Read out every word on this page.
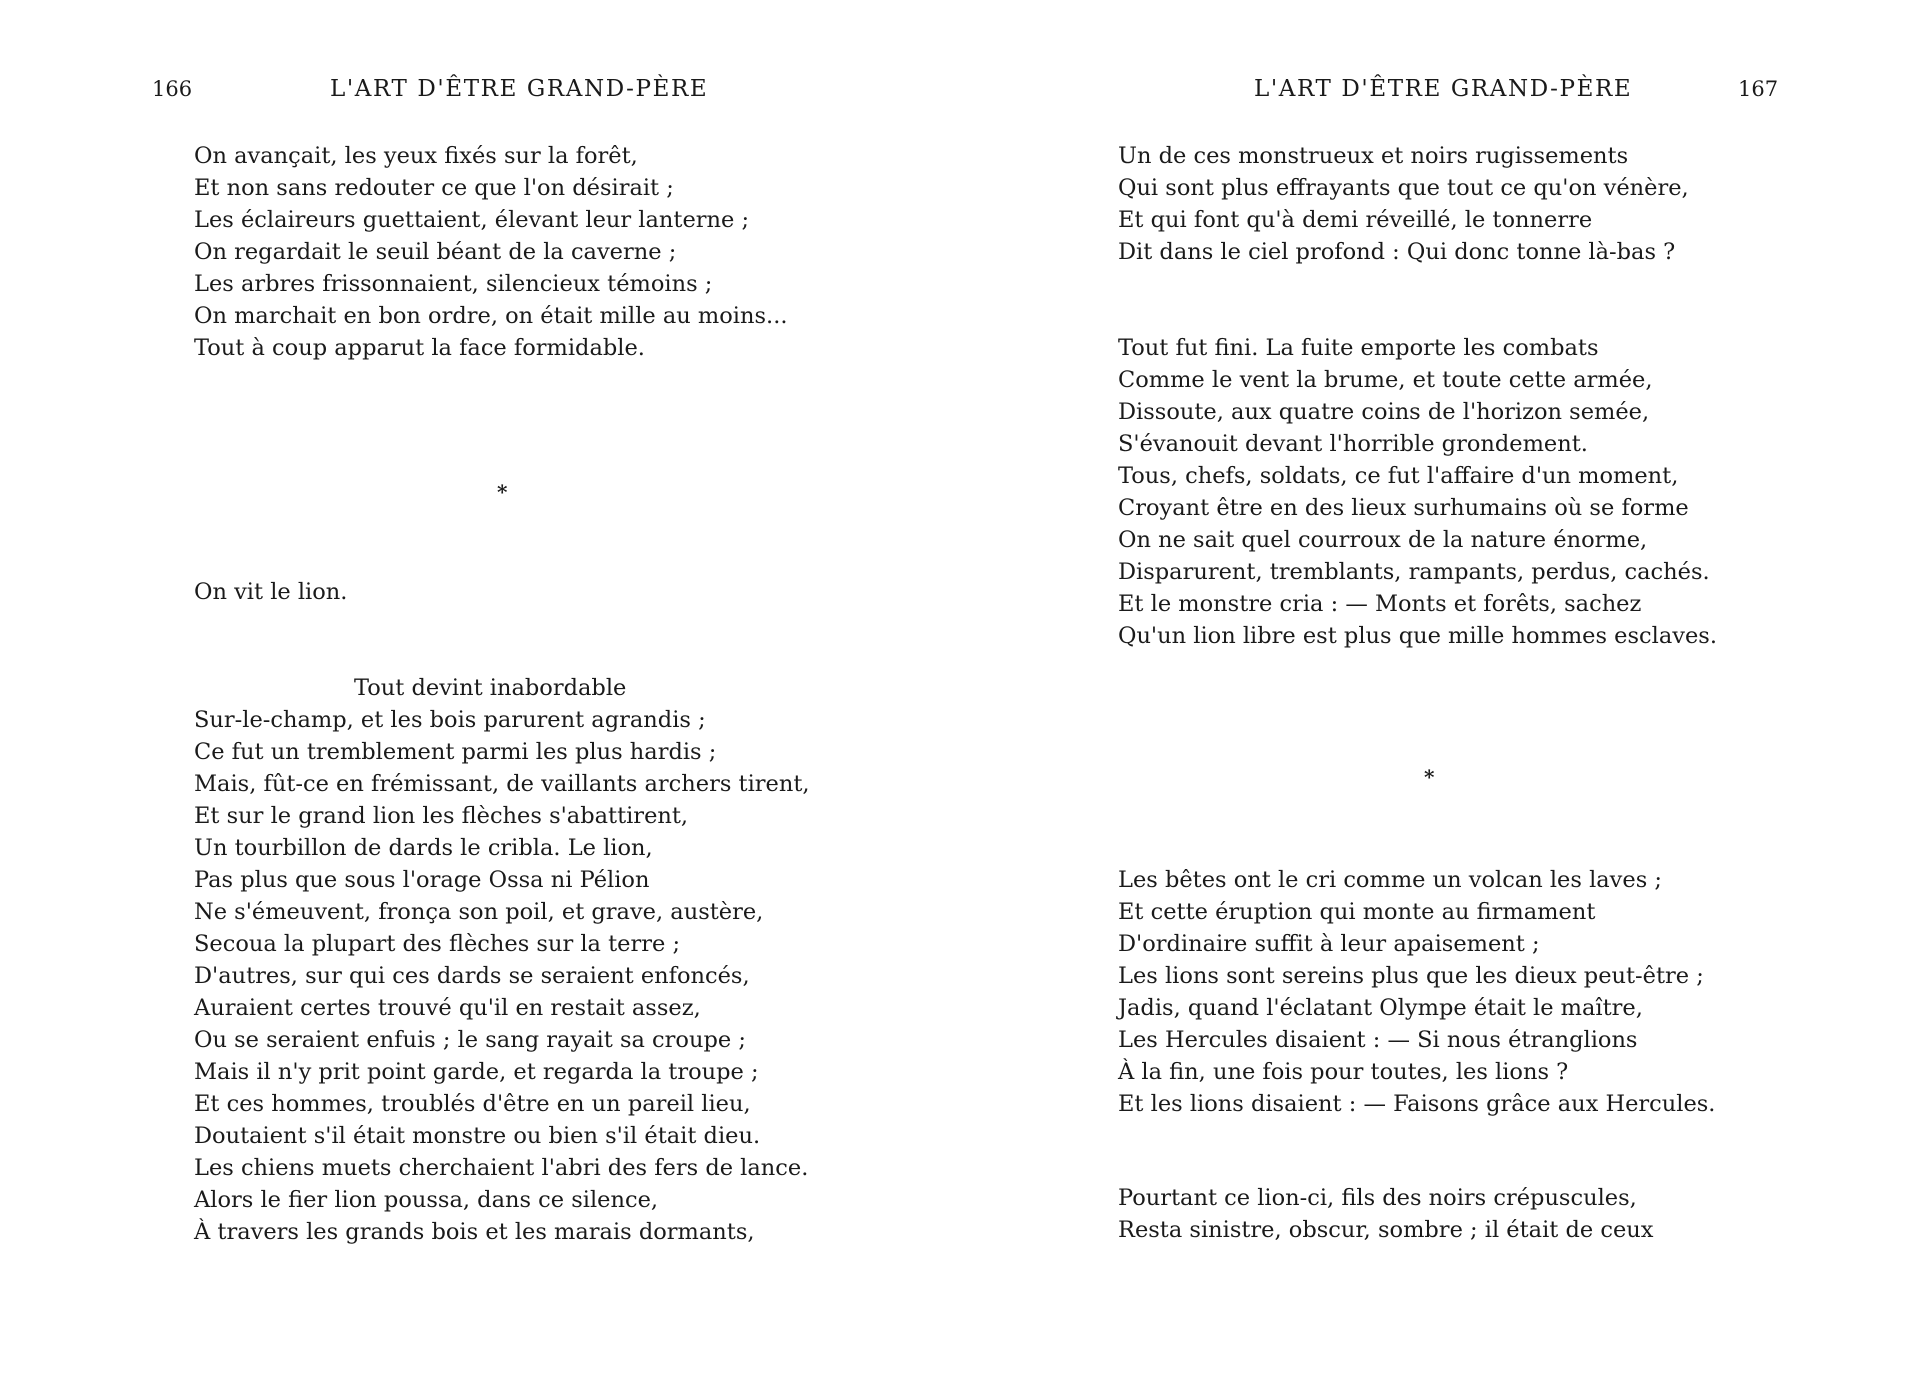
166	L'ART D'ÊTRE GRAND-PÈRE
On avançait, les yeux fixés sur la forêt,
Et non sans redouter ce que l'on désirait ;
Les éclaireurs guettaient, élevant leur lanterne ;
On regardait le seuil béant de la caverne ;
Les arbres frissonnaient, silencieux témoins ;
On marchait en bon ordre, on était mille au moins...
Tout à coup apparut la face formidable.
*
On vit le lion.
Tout devint inabordable
Sur-le-champ, et les bois parurent agrandis ;
Ce fut un tremblement parmi les plus hardis ;
Mais, fût-ce en frémissant, de vaillants archers tirent,
Et sur le grand lion les flèches s'abattirent,
Un tourbillon de dards le cribla. Le lion,
Pas plus que sous l'orage Ossa ni Pélion
Ne s'émeuvent, fronça son poil, et grave, austère,
Secoua la plupart des flèches sur la terre ;
D'autres, sur qui ces dards se seraient enfoncés,
Auraient certes trouvé qu'il en restait assez,
Ou se seraient enfuis ; le sang rayait sa croupe ;
Mais il n'y prit point garde, et regarda la troupe ;
Et ces hommes, troublés d'être en un pareil lieu,
Doutaient s'il était monstre ou bien s'il était dieu.
Les chiens muets cherchaient l'abri des fers de lance.
Alors le fier lion poussa, dans ce silence,
À travers les grands bois et les marais dormants,
L'ART D'ÊTRE GRAND-PÈRE	167
Un de ces monstrueux et noirs rugissements
Qui sont plus effrayants que tout ce qu'on vénère,
Et qui font qu'à demi réveillé, le tonnerre
Dit dans le ciel profond : Qui donc tonne là-bas ?
Tout fut fini. La fuite emporte les combats
Comme le vent la brume, et toute cette armée,
Dissoute, aux quatre coins de l'horizon semée,
S'évanouit devant l'horrible grondement.
Tous, chefs, soldats, ce fut l'affaire d'un moment,
Croyant être en des lieux surhumains où se forme
On ne sait quel courroux de la nature énorme,
Disparurent, tremblants, rampants, perdus, cachés.
Et le monstre cria : — Monts et forêts, sachez
Qu'un lion libre est plus que mille hommes esclaves.
*
Les bêtes ont le cri comme un volcan les laves ;
Et cette éruption qui monte au firmament
D'ordinaire suffit à leur apaisement ;
Les lions sont sereins plus que les dieux peut-être ;
Jadis, quand l'éclatant Olympe était le maître,
Les Hercules disaient : — Si nous étranglions
À la fin, une fois pour toutes, les lions ?
Et les lions disaient : — Faisons grâce aux Hercules.
Pourtant ce lion-ci, fils des noirs crépuscules,
Resta sinistre, obscur, sombre ; il était de ceux
